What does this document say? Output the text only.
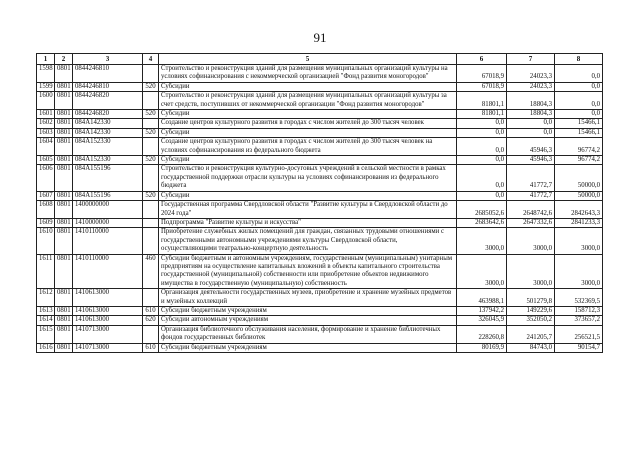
91
1	2	3	4	5	6	7	8
1598	0801	0844246810		Строительство и реконструкция зданий для размещения муниципальных организаций культуры на условиях софинансирования с некоммерческой организацией "Фонд развития моногородов"	67018,9	24023,3	0,0
1599	0801	0844246810	520	Субсидии	67018,9	24023,3	0,0
1600	0801	0844246820		Строительство и реконструкция зданий для размещения муниципальных организаций культуры за счет средств, поступивших от некоммерческой организации "Фонд развития моногородов"	81801,1	18804,3	0,0
1601	0801	0844246820	520	Субсидии	81801,1	18804,3	0,0
1602	0801	084A142330		Создание центров культурного развития в городах с числом жителей до 300 тысяч человек	0,0	0,0	15466,1
1603	0801	084A142330	520	Субсидии	0,0	0,0	15466,1
1604	0801	084A152330		Создание центров культурного развития в городах с числом жителей до 300 тысяч человек на условиях софинансирования из федерального бюджета	0,0	45946,3	96774,2
1605	0801	084A152330	520	Субсидии	0,0	45946,3	96774,2
1606	0801	084A155196		Строительство и реконструкция культурно-досуговых учреждений в сельской местности в рамках государственной поддержки отрасли культуры на условиях софинансирования из федерального бюджета	0,0	41772,7	50000,0
1607	0801	084A155196	520	Субсидии	0,0	41772,7	50000,0
1608	0801	1400000000		Государственная программа Свердловской области "Развитие культуры в Свердловской области до 2024 года"	2685052,6	2648742,6	2842643,3
1609	0801	1410000000		Подпрограмма "Развитие культуры и искусства"	2683642,6	2647332,6	2841233,3
1610	0801	1410110000		Приобретение служебных жилых помещений для граждан, связанных трудовыми отношениями с государственными автономными учреждениями культуры Свердловской области, осуществляющими театрально-концертную деятельность	3000,0	3000,0	3000,0
1611	0801	1410110000	460	Субсидии бюджетным и автономным учреждениям, государственным (муниципальным) унитарным предприятиям на осуществление капитальных вложений в объекты капитального строительства государственной (муниципальной) собственности или приобретение объектов недвижимого имущества в государственную (муниципальную) собственность	3000,0	3000,0	3000,0
1612	0801	1410613000		Организация деятельности государственных музеев, приобретение и хранение музейных предметов и музейных коллекций	463988,1	501279,8	532369,5
1613	0801	1410613000	610	Субсидии бюджетным учреждениям	137942,2	149229,6	158712,3
1614	0801	1410613000	620	Субсидии автономным учреждениям	326045,9	352050,2	373657,2
1615	0801	1410713000		Организация библиотечного обслуживания населения, формирование и хранение библиотечных фондов государственных библиотек	228260,8	241205,7	256521,5
1616	0801	1410713000	610	Субсидии бюджетным учреждениям	80169,9	84743,0	90154,7
